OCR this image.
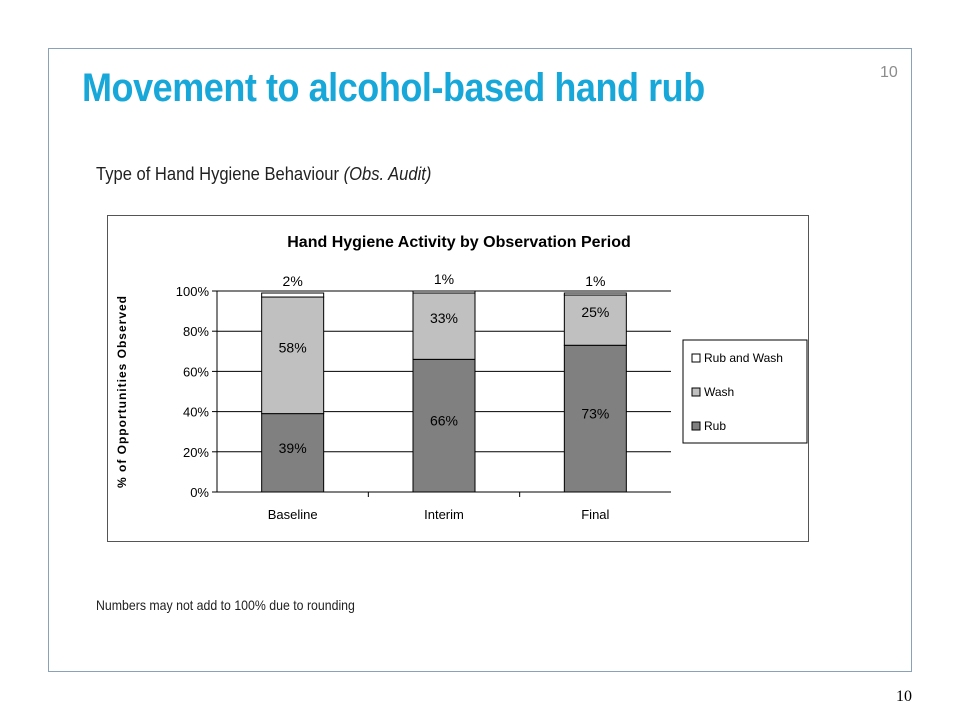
Movement to alcohol-based hand rub	10
Type of Hand Hygiene Behaviour (Obs. Audit)
Hand Hygiene Activity by Observation Period
0%
20%
40%
60%
80%
100%
% of Opportunities Observed
Baseline
39%
58%
2%
Interim
66%
33%
1%
Final
73%
25%
1%
Rub and Wash
Wash
Rub
Numbers may not add to 100% due to rounding
10
